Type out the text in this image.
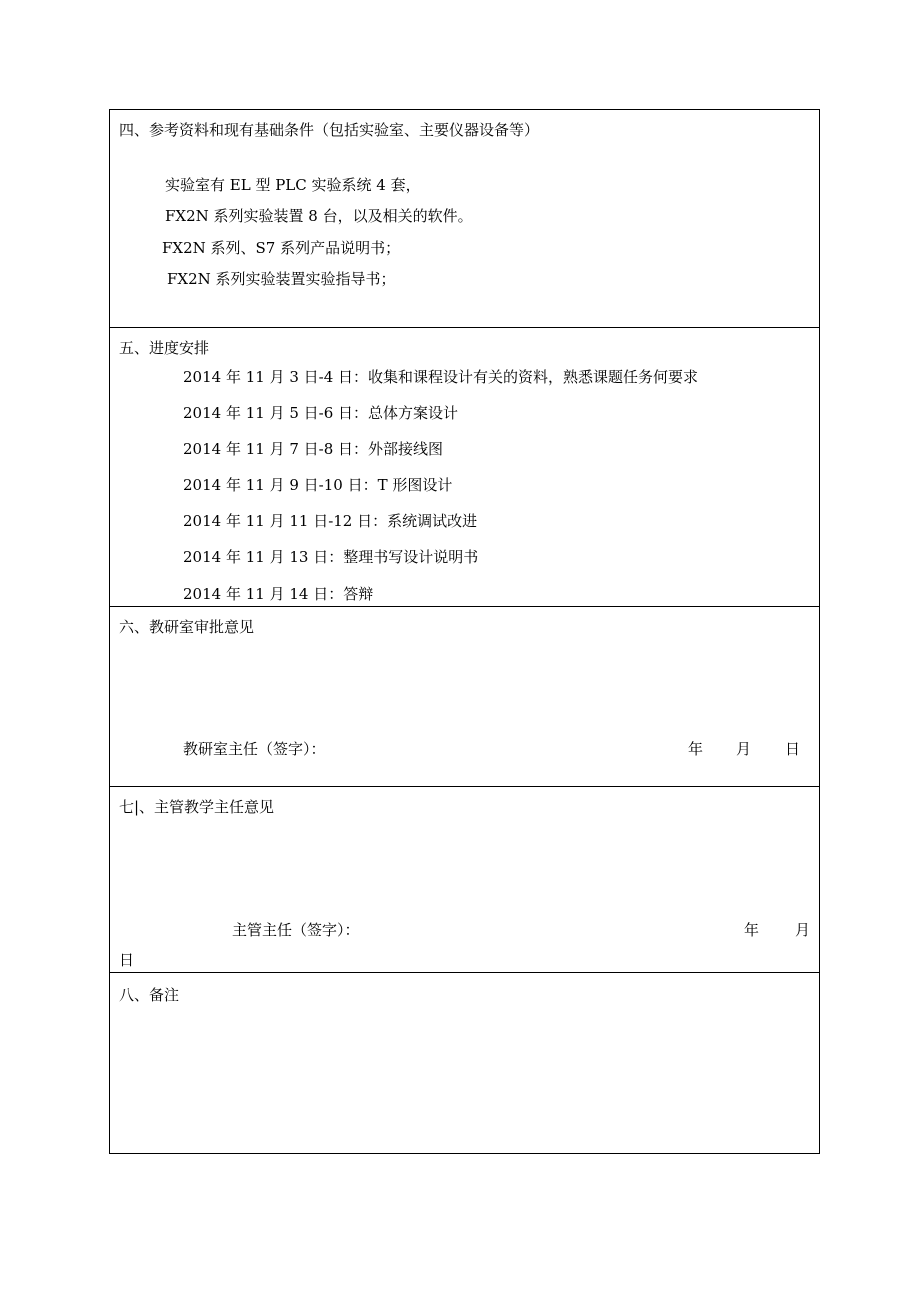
四、参考资料和现有基础条件（包括实验室、主要仪器设备等）
实验室有 EL 型 PLC 实验系统 4 套，
FX2N 系列实验装置 8 台，以及相关的软件。
FX2N 系列、S7 系列产品说明书；
FX2N 系列实验装置实验指导书；
五、进度安排
2014 年 11 月 3 日-4 日：收集和课程设计有关的资料，熟悉课题任务何要求
2014 年 11 月 5 日-6 日：总体方案设计
2014 年 11 月 7 日-8 日：外部接线图
2014 年 11 月 9 日-10 日：T 形图设计
2014 年 11 月 11 日-12 日：系统调试改进
2014 年 11 月 13 日：整理书写设计说明书
2014 年 11 月 14 日：答辩
六、教研室审批意见
教研室主任（签字）：	年 月 日
七|、主管教学主任意见
主管主任（签字）：	年 月
日
八、备注
